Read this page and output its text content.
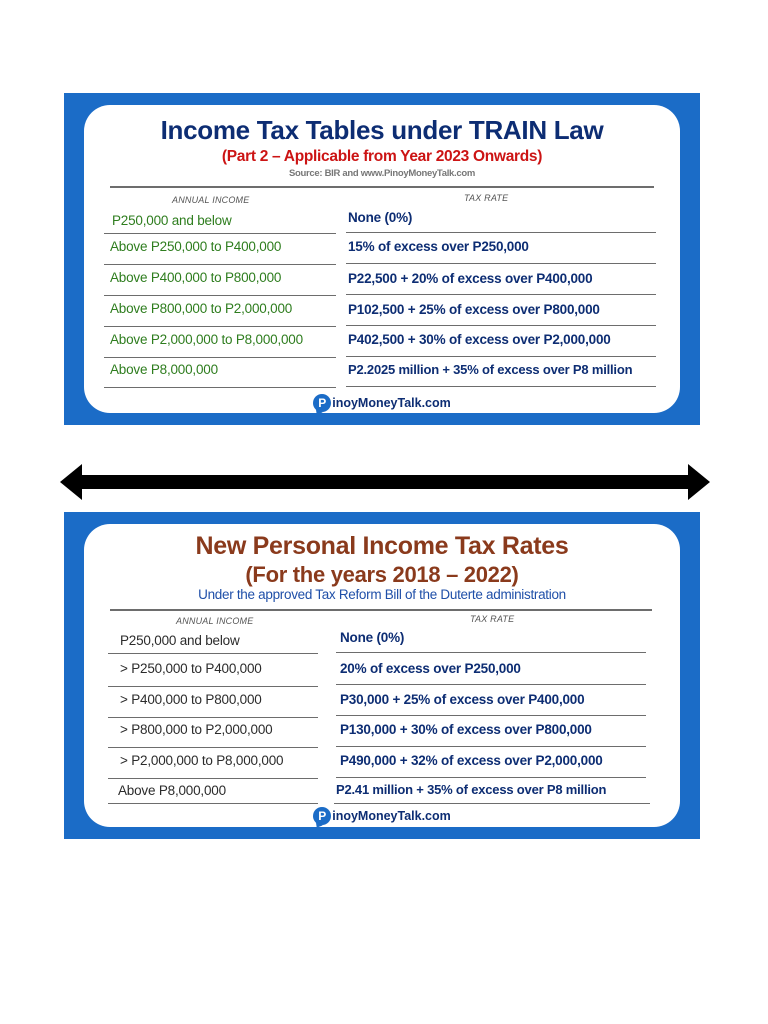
Income Tax Tables under TRAIN Law
(Part 2 – Applicable from Year 2023 Onwards)
Source: BIR and www.PinoyMoneyTalk.com
ANNUAL INCOME	TAX RATE
P250,000 and below	None (0%)
Above P250,000 to P400,000	15% of excess over P250,000
Above P400,000 to P800,000	P22,500 + 20% of excess over P400,000
Above P800,000 to P2,000,000	P102,500 + 25% of excess over P800,000
Above P2,000,000 to P8,000,000	P402,500 + 30% of excess over P2,000,000
Above P8,000,000	P2.2025 million + 35% of excess over P8 million
P inoyMoneyTalk.com
New Personal Income Tax Rates
(For the years 2018 – 2022)
Under the approved Tax Reform Bill of the Duterte administration
ANNUAL INCOME	TAX RATE
P250,000 and below	None (0%)
> P250,000 to P400,000	20% of excess over P250,000
> P400,000 to P800,000	P30,000 + 25% of excess over P400,000
> P800,000 to P2,000,000	P130,000 + 30% of excess over P800,000
> P2,000,000 to P8,000,000	P490,000 + 32% of excess over P2,000,000
Above P8,000,000	P2.41 million + 35% of excess over P8 million
P inoyMoneyTalk.com
